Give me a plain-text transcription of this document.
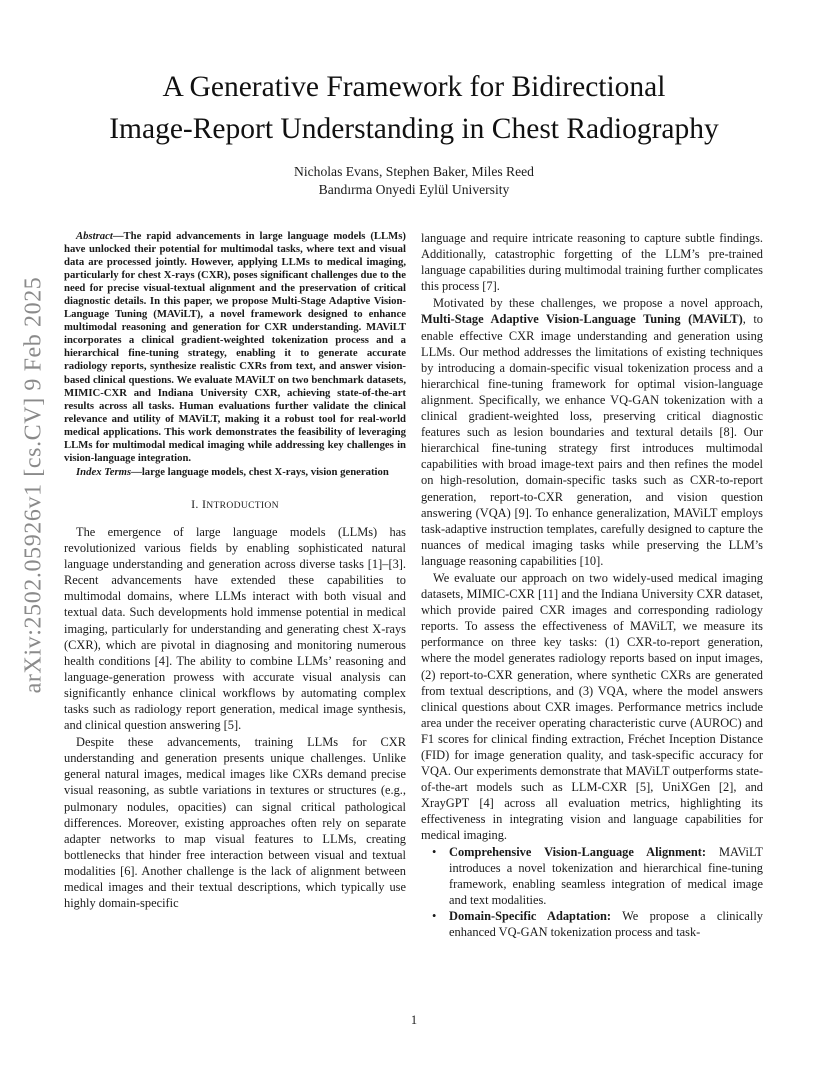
arXiv:2502.05926v1 [cs.CV] 9 Feb 2025
A Generative Framework for Bidirectional
Image-Report Understanding in Chest Radiography
Nicholas Evans, Stephen Baker, Miles Reed
Bandırma Onyedi Eylül University

Abstract—The rapid advancements in large language models (LLMs) have unlocked their potential for multimodal tasks, where text and visual data are processed jointly. However, applying LLMs to medical imaging, particularly for chest X-rays (CXR), poses significant challenges due to the need for precise visual-textual alignment and the preservation of critical diagnostic details. In this paper, we propose Multi-Stage Adaptive Vision-Language Tuning (MAViLT), a novel framework designed to enhance multimodal reasoning and generation for CXR understanding. MAViLT incorporates a clinical gradient-weighted tokenization process and a hierarchical fine-tuning strategy, enabling it to generate accurate radiology reports, synthesize realistic CXRs from text, and answer vision-based clinical questions. We evaluate MAViLT on two benchmark datasets, MIMIC-CXR and Indiana University CXR, achieving state-of-the-art results across all tasks. Human evaluations further validate the clinical relevance and utility of MAViLT, making it a robust tool for real-world medical applications. This work demonstrates the feasibility of leveraging LLMs for multimodal medical imaging while addressing key challenges in vision-language integration.

Index Terms—large language models, chest X-rays, vision generation

I. INTRODUCTION

The emergence of large language models (LLMs) has revolutionized various fields by enabling sophisticated natural language understanding and generation across diverse tasks [1]–[3]. Recent advancements have extended these capabilities to multimodal domains, where LLMs interact with both visual and textual data. Such developments hold immense potential in medical imaging, particularly for understanding and generating chest X-rays (CXR), which are pivotal in diagnosing and monitoring numerous health conditions [4]. The ability to combine LLMs’ reasoning and language-generation prowess with accurate visual analysis can significantly enhance clinical workflows by automating complex tasks such as radiology report generation, medical image synthesis, and clinical question answering [5].

Despite these advancements, training LLMs for CXR understanding and generation presents unique challenges. Unlike general natural images, medical images like CXRs demand precise visual reasoning, as subtle variations in textures or structures (e.g., pulmonary nodules, opacities) can signal critical pathological differences. Moreover, existing approaches often rely on separate adapter networks to map visual features to LLMs, creating bottlenecks that hinder free interaction between visual and textual modalities [6]. Another challenge is the lack of alignment between medical images and their textual descriptions, which typically use highly domain-specific

language and require intricate reasoning to capture subtle findings. Additionally, catastrophic forgetting of the LLM’s pre-trained language capabilities during multimodal training further complicates this process [7].

Motivated by these challenges, we propose a novel approach, Multi-Stage Adaptive Vision-Language Tuning (MAViLT), to enable effective CXR image understanding and generation using LLMs. Our method addresses the limitations of existing techniques by introducing a domain-specific visual tokenization process and a hierarchical fine-tuning framework for optimal vision-language alignment. Specifically, we enhance VQ-GAN tokenization with a clinical gradient-weighted loss, preserving critical diagnostic features such as lesion boundaries and textural details [8]. Our hierarchical fine-tuning strategy first introduces multimodal capabilities with broad image-text pairs and then refines the model on high-resolution, domain-specific tasks such as CXR-to-report generation, report-to-CXR generation, and vision question answering (VQA) [9]. To enhance generalization, MAViLT employs task-adaptive instruction templates, carefully designed to capture the nuances of medical imaging tasks while preserving the LLM’s language reasoning capabilities [10].

We evaluate our approach on two widely-used medical imaging datasets, MIMIC-CXR [11] and the Indiana University CXR dataset, which provide paired CXR images and corresponding radiology reports. To assess the effectiveness of MAViLT, we measure its performance on three key tasks: (1) CXR-to-report generation, where the model generates radiology reports based on input images, (2) report-to-CXR generation, where synthetic CXRs are generated from textual descriptions, and (3) VQA, where the model answers clinical questions about CXR images. Performance metrics include area under the receiver operating characteristic curve (AUROC) and F1 scores for clinical finding extraction, Fréchet Inception Distance (FID) for image generation quality, and task-specific accuracy for VQA. Our experiments demonstrate that MAViLT outperforms state-of-the-art models such as LLM-CXR [5], UniXGen [2], and XrayGPT [4] across all evaluation metrics, highlighting its effectiveness in integrating vision and language capabilities for medical imaging.

• Comprehensive Vision-Language Alignment: MAViLT introduces a novel tokenization and hierarchical fine-tuning framework, enabling seamless integration of medical image and text modalities.
• Domain-Specific Adaptation: We propose a clinically enhanced VQ-GAN tokenization process and task-
1
